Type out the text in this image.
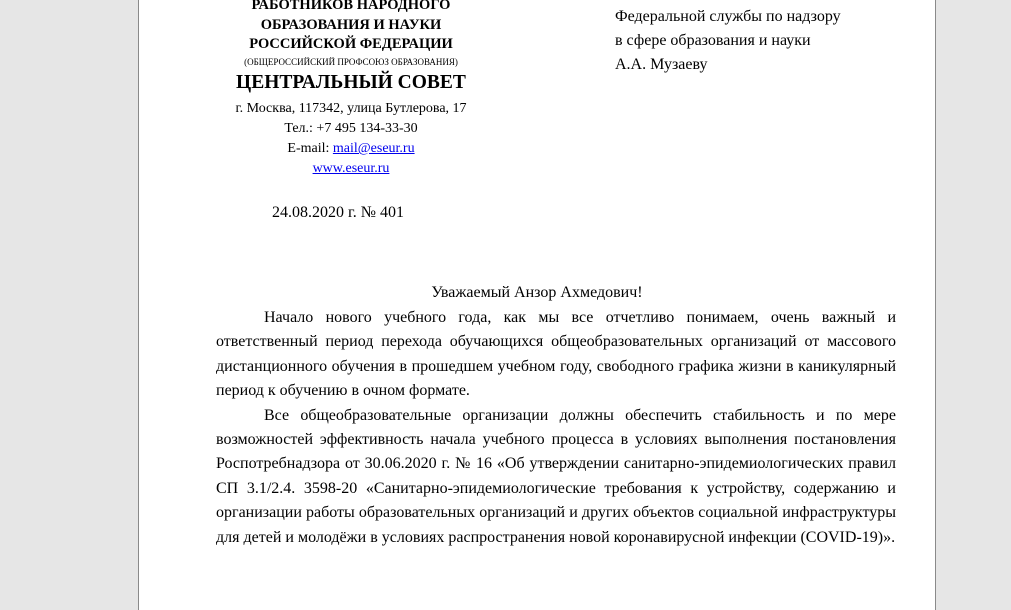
РАБОТНИКОВ НАРОДНОГО
ОБРАЗОВАНИЯ И НАУКИ
РОССИЙСКОЙ ФЕДЕРАЦИИ
(ОБЩЕРОССИЙСКИЙ ПРОФСОЮЗ ОБРАЗОВАНИЯ)
ЦЕНТРАЛЬНЫЙ СОВЕТ
г. Москва, 117342, улица Бутлерова, 17
Тел.: +7 495 134-33-30
E-mail: mail@eseur.ru
www.eseur.ru
24.08.2020 г. № 401
Федеральной службы по надзору
в сфере образования и науки
А.А. Музаеву
Уважаемый Анзор Ахмедович!

Начало нового учебного года, как мы все отчетливо понимаем, очень важный и ответственный период перехода обучающихся общеобразовательных организаций от массового дистанционного обучения в прошедшем учебном году, свободного графика жизни в каникулярный период к обучению в очном формате.

Все общеобразовательные организации должны обеспечить стабильность и по мере возможностей эффективность начала учебного процесса в условиях выполнения постановления Роспотребнадзора от 30.06.2020 г. № 16 «Об утверждении санитарно-эпидемиологических правил СП 3.1/2.4. 3598-20 «Санитарно-эпидемиологические требования к устройству, содержанию и организации работы образовательных организаций и других объектов социальной инфраструктуры для детей и молодёжи в условиях распространения новой коронавирусной инфекции (COVID-19)».
